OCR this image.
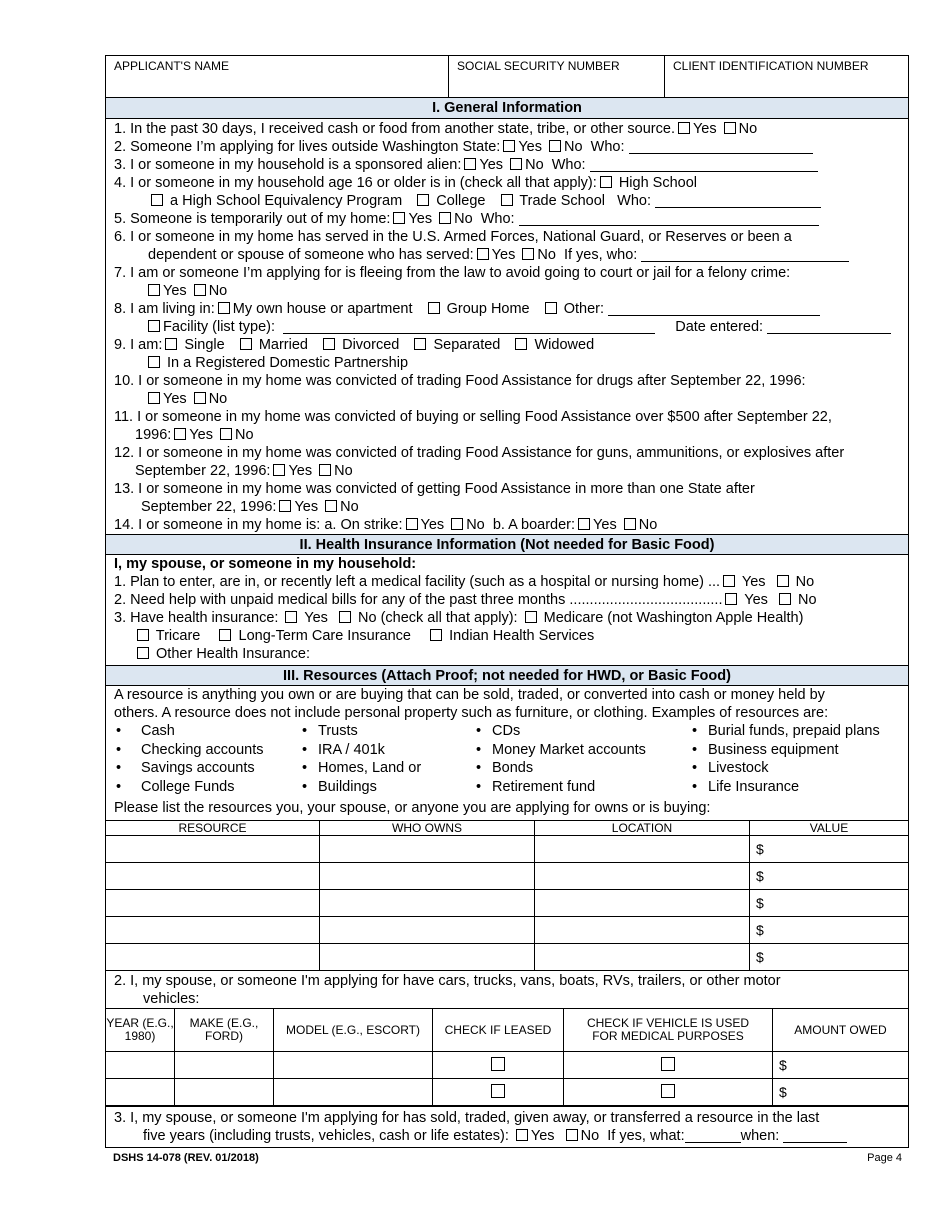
APPLICANT'S NAME	SOCIAL SECURITY NUMBER	CLIENT IDENTIFICATION NUMBER
I. General Information
1. In the past 30 days, I received cash or food from another state, tribe, or other source. Yes No
2. Someone I’m applying for lives outside Washington State: Yes No Who:
3. I or someone in my household is a sponsored alien: Yes No Who:
4. I or someone in my household age 16 or older is in (check all that apply): High School
a High School Equivalency Program College Trade School Who:
5. Someone is temporarily out of my home: Yes No Who:
6. I or someone in my home has served in the U.S. Armed Forces, National Guard, or Reserves or been a
dependent or spouse of someone who has served: Yes No If yes, who:
7. I am or someone I’m applying for is fleeing from the law to avoid going to court or jail for a felony crime:
Yes No
8. I am living in: My own house or apartment Group Home Other:
Facility (list type):	Date entered:
9. I am: Single Married Divorced Separated Widowed
In a Registered Domestic Partnership
10. I or someone in my home was convicted of trading Food Assistance for drugs after September 22, 1996:
Yes No
11. I or someone in my home was convicted of buying or selling Food Assistance over $500 after September 22,
1996: Yes No
12. I or someone in my home was convicted of trading Food Assistance for guns, ammunitions, or explosives after
September 22, 1996: Yes No
13. I or someone in my home was convicted of getting Food Assistance in more than one State after
September 22, 1996: Yes No
14. I or someone in my home is: a. On strike: Yes No b. A boarder: Yes No
II. Health Insurance Information (Not needed for Basic Food)
I, my spouse, or someone in my household:
1. Plan to enter, are in, or recently left a medical facility (such as a hospital or nursing home) ... Yes No
2. Need help with unpaid medical bills for any of the past three months ...................................... Yes No
3. Have health insurance: Yes No (check all that apply): Medicare (not Washington Apple Health)
Tricare	Long-Term Care Insurance	Indian Health Services
Other Health Insurance:
III. Resources (Attach Proof; not needed for HWD, or Basic Food)
A resource is anything you own or are buying that can be sold, traded, or converted into cash or money held by
others. A resource does not include personal property such as furniture, or clothing. Examples of resources are:
• Cash
• Checking accounts
• Savings accounts
• College Funds
• Trusts
• IRA / 401k
• Homes, Land or
• Buildings
• CDs
• Money Market accounts
• Bonds
• Retirement fund
• Burial funds, prepaid plans
• Business equipment
• Livestock
• Life Insurance
Please list the resources you, your spouse, or anyone you are applying for owns or is buying:
RESOURCE	WHO OWNS	LOCATION	VALUE
			$
			$
			$
			$
			$
2. I, my spouse, or someone I'm applying for have cars, trucks, vans, boats, RVs, trailers, or other motor
vehicles:
YEAR (E.G., 1980)	MAKE (E.G., FORD)	MODEL (E.G., ESCORT)	CHECK IF LEASED	CHECK IF VEHICLE IS USED FOR MEDICAL PURPOSES	AMOUNT OWED
					$
					$
3. I, my spouse, or someone I'm applying for has sold, traded, given away, or transferred a resource in the last
five years (including trusts, vehicles, cash or life estates): Yes No If yes, what:	when:
DSHS 14-078 (REV. 01/2018)	Page 4
